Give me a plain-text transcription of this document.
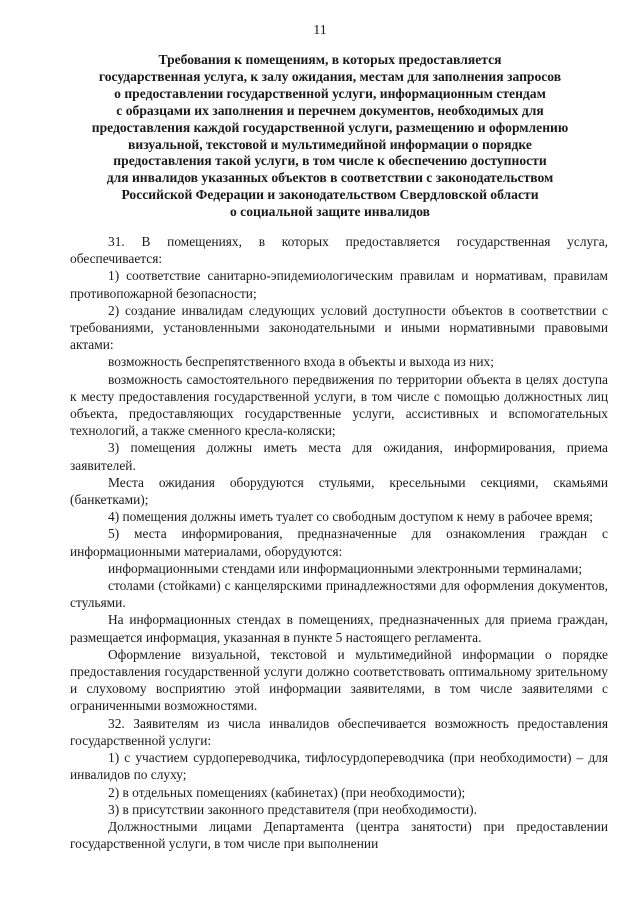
11
Требования к помещениям, в которых предоставляется
государственная услуга, к залу ожидания, местам для заполнения запросов
о предоставлении государственной услуги, информационным стендам
с образцами их заполнения и перечнем документов, необходимых для
предоставления каждой государственной услуги, размещению и оформлению
визуальной, текстовой и мультимедийной информации о порядке
предоставления такой услуги, в том числе к обеспечению доступности
для инвалидов указанных объектов в соответствии с законодательством
Российской Федерации и законодательством Свердловской области
о социальной защите инвалидов

31. В помещениях, в которых предоставляется государственная услуга, обеспечивается:

1) соответствие санитарно-эпидемиологическим правилам и нормативам, правилам противопожарной безопасности;

2) создание инвалидам следующих условий доступности объектов в соответствии с требованиями, установленными законодательными и иными нормативными правовыми актами:

возможность беспрепятственного входа в объекты и выхода из них;

возможность самостоятельного передвижения по территории объекта в целях доступа к месту предоставления государственной услуги, в том числе с помощью должностных лиц объекта, предоставляющих государственные услуги, ассистивных и вспомогательных технологий, а также сменного кресла-коляски;

3) помещения должны иметь места для ожидания, информирования, приема заявителей.

Места ожидания оборудуются стульями, кресельными секциями, скамьями (банкетками);

4) помещения должны иметь туалет со свободным доступом к нему в рабочее время;

5) места информирования, предназначенные для ознакомления граждан с информационными материалами, оборудуются:

информационными стендами или информационными электронными терминалами;

столами (стойками) с канцелярскими принадлежностями для оформления документов, стульями.

На информационных стендах в помещениях, предназначенных для приема граждан, размещается информация, указанная в пункте 5 настоящего регламента.

Оформление визуальной, текстовой и мультимедийной информации о порядке предоставления государственной услуги должно соответствовать оптимальному зрительному и слуховому восприятию этой информации заявителями, в том числе заявителями с ограниченными возможностями.

32. Заявителям из числа инвалидов обеспечивается возможность предоставления государственной услуги:

1) с участием сурдопереводчика, тифлосурдопереводчика (при необходимости) – для инвалидов по слуху;

2) в отдельных помещениях (кабинетах) (при необходимости);

3) в присутствии законного представителя (при необходимости).

Должностными лицами Департамента (центра занятости) при предоставлении государственной услуги, в том числе при выполнении
